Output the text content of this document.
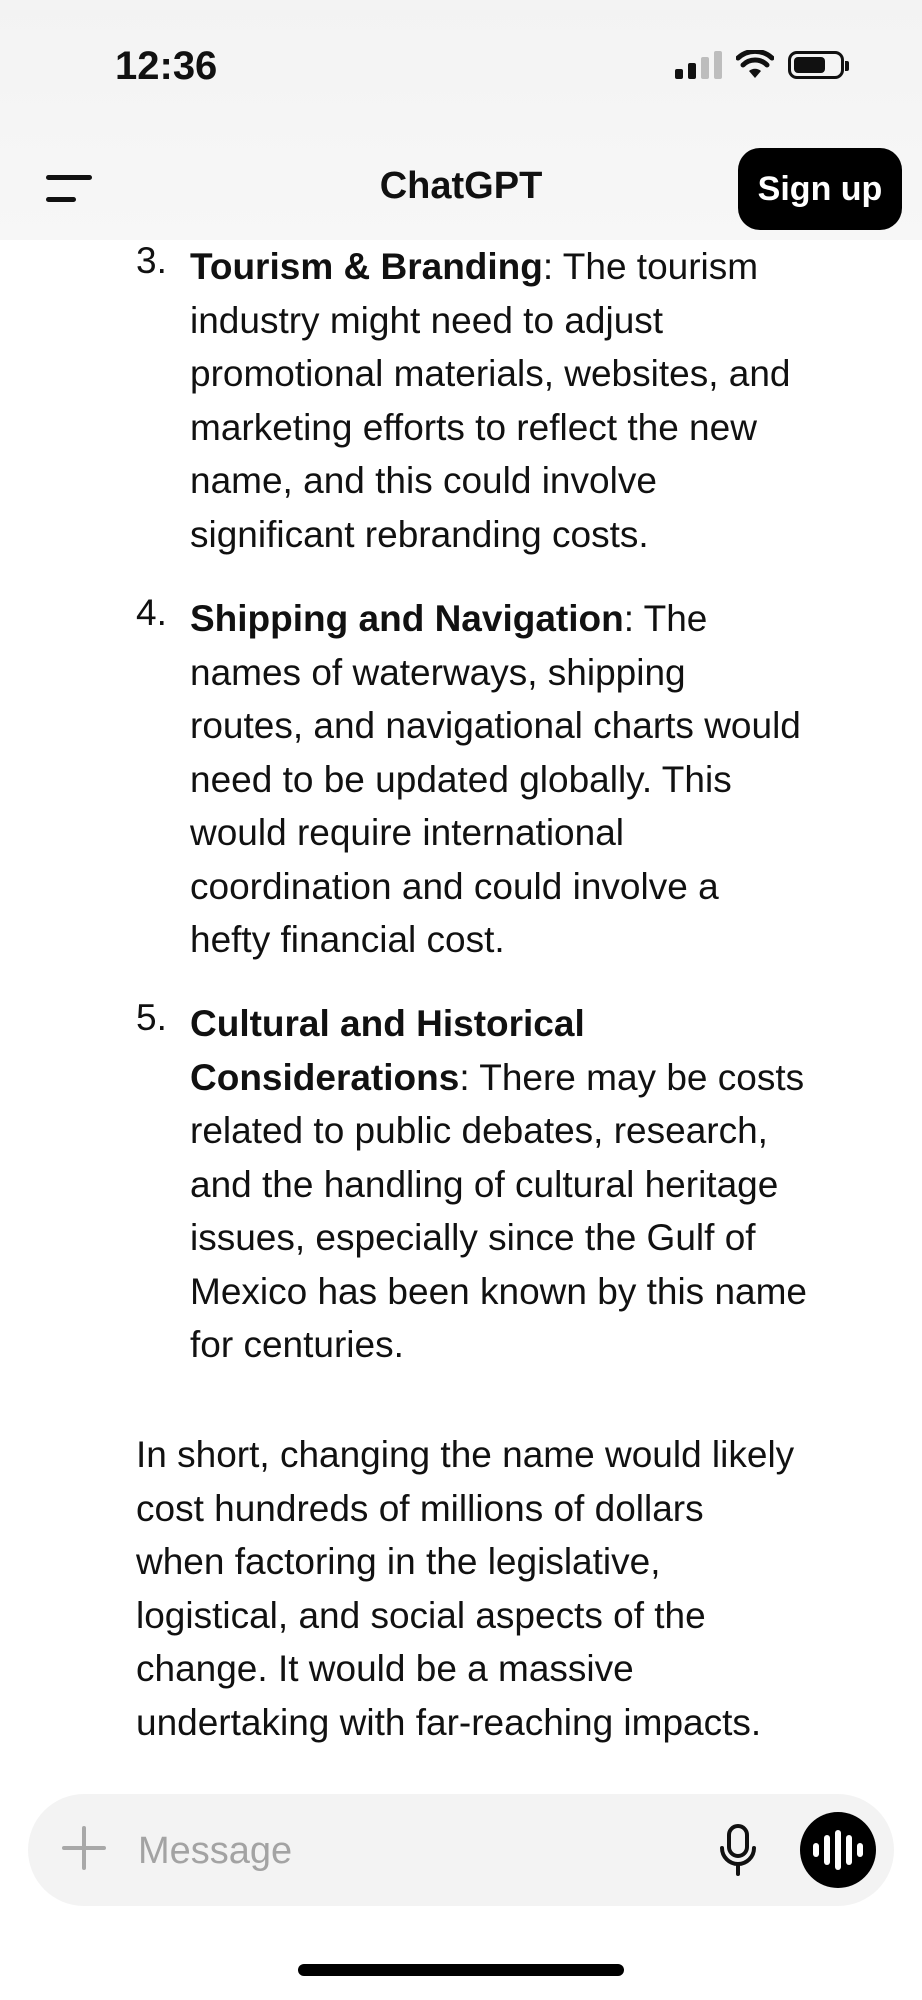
12:36
ChatGPT	Sign up
3. Tourism & Branding: The tourism
industry might need to adjust
promotional materials, websites, and
marketing efforts to reflect the new
name, and this could involve
significant rebranding costs.
4. Shipping and Navigation: The
names of waterways, shipping
routes, and navigational charts would
need to be updated globally. This
would require international
coordination and could involve a
hefty financial cost.
5. Cultural and Historical
Considerations: There may be costs
related to public debates, research,
and the handling of cultural heritage
issues, especially since the Gulf of
Mexico has been known by this name
for centuries.
In short, changing the name would likely
cost hundreds of millions of dollars
when factoring in the legislative,
logistical, and social aspects of the
change. It would be a massive
undertaking with far-reaching impacts.
Message
